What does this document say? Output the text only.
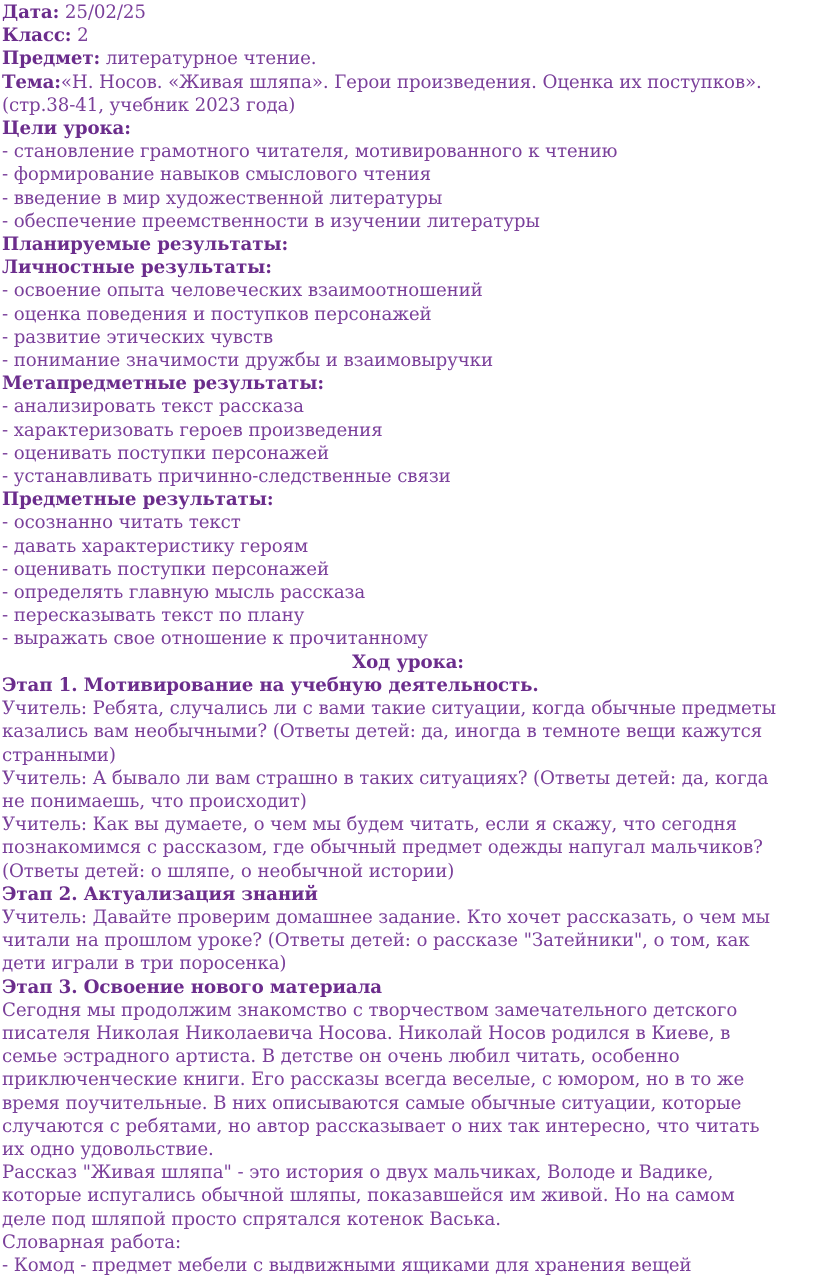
Дата: 25/02/25
Класс: 2
Предмет: литературное чтение.
Тема:«Н. Носов. «Живая шляпа». Герои произведения. Оценка их поступков».
(стр.38-41, учебник 2023 года)
Цели урока:
- становление грамотного читателя, мотивированного к чтению
- формирование навыков смыслового чтения
- введение в мир художественной литературы
- обеспечение преемственности в изучении литературы
Планируемые результаты:
Личностные результаты:
- освоение опыта человеческих взаимоотношений
- оценка поведения и поступков персонажей
- развитие этических чувств
- понимание значимости дружбы и взаимовыручки
Метапредметные результаты:
- анализировать текст рассказа
- характеризовать героев произведения
- оценивать поступки персонажей
- устанавливать причинно-следственные связи
Предметные результаты:
- осознанно читать текст
- давать характеристику героям
- оценивать поступки персонажей
- определять главную мысль рассказа
- пересказывать текст по плану
- выражать свое отношение к прочитанному
Ход урока:
Этап 1. Мотивирование на учебную деятельность.
Учитель: Ребята, случались ли с вами такие ситуации, когда обычные предметы
казались вам необычными? (Ответы детей: да, иногда в темноте вещи кажутся
странными)
Учитель: А бывало ли вам страшно в таких ситуациях? (Ответы детей: да, когда
не понимаешь, что происходит)
Учитель: Как вы думаете, о чем мы будем читать, если я скажу, что сегодня
познакомимся с рассказом, где обычный предмет одежды напугал мальчиков?
(Ответы детей: о шляпе, о необычной истории)
Этап 2. Актуализация знаний
Учитель: Давайте проверим домашнее задание. Кто хочет рассказать, о чем мы
читали на прошлом уроке? (Ответы детей: о рассказе "Затейники", о том, как
дети играли в три поросенка)
Этап 3. Освоение нового материала
Сегодня мы продолжим знакомство с творчеством замечательного детского
писателя Николая Николаевича Носова. Николай Носов родился в Киеве, в
семье эстрадного артиста. В детстве он очень любил читать, особенно
приключенческие книги. Его рассказы всегда веселые, с юмором, но в то же
время поучительные. В них описываются самые обычные ситуации, которые
случаются с ребятами, но автор рассказывает о них так интересно, что читать
их одно удовольствие.
Рассказ "Живая шляпа" - это история о двух мальчиках, Володе и Вадике,
которые испугались обычной шляпы, показавшейся им живой. Но на самом
деле под шляпой просто спрятался котенок Васька.
Словарная работа:
- Комод - предмет мебели с выдвижными ящиками для хранения вещей
